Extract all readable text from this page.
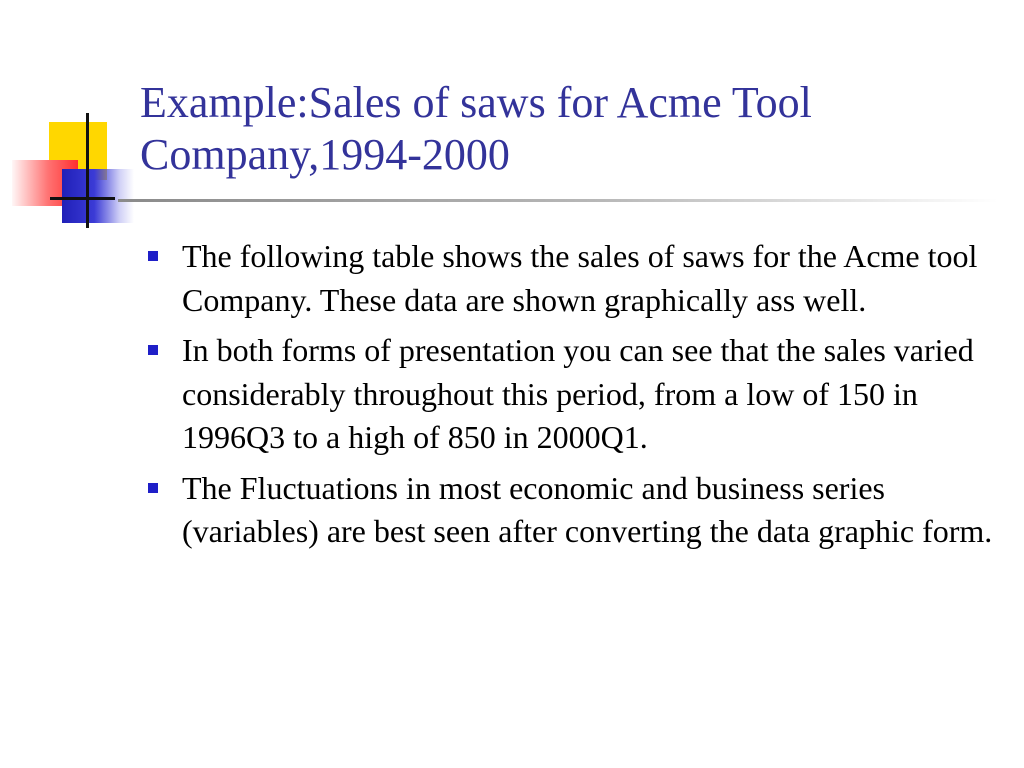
Example:Sales of saws for Acme Tool
Company,1994-2000
The following table shows the sales of saws for the Acme tool Company. These data are shown graphically ass well.
In both forms of presentation you can see that the sales varied considerably throughout this period, from a low of 150 in 1996Q3 to a high of 850 in 2000Q1.
The Fluctuations in most economic and business series (variables) are best seen after converting the data graphic form.
